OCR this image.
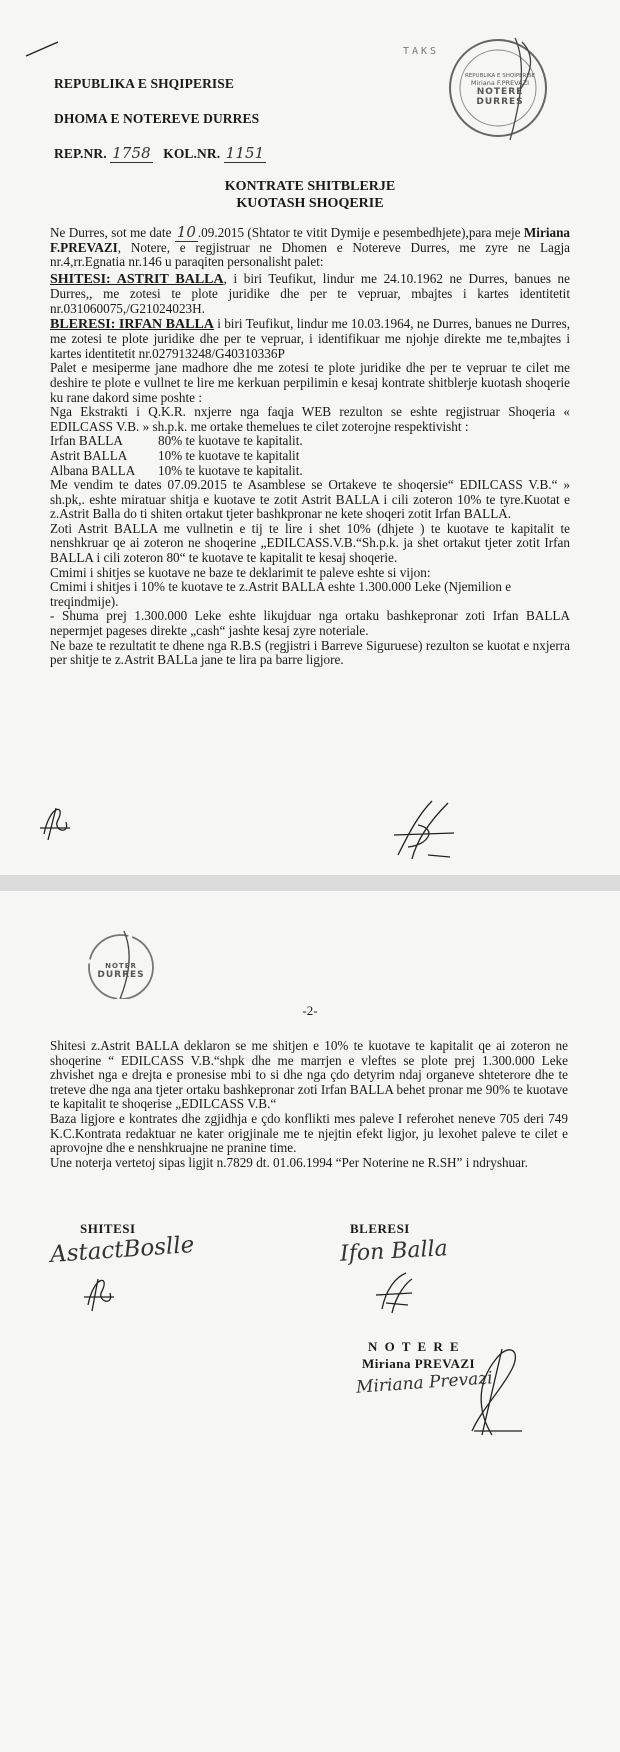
TAKS
REPUBLIKA E SHQIPERISE
Miriana F.PREVAZI
NOTERE
DURRES
REPUBLIKA E SHQIPERISE
DHOMA E NOTEREVE DURRES
REP.NR. 1758 KOL.NR. 1151
KONTRATE SHITBLERJE
KUOTASH SHOQERIE

Ne Durres, sot me date 10 .09.2015 (Shtator te vitit Dymije e pesembedhjete),para meje Miriana F.PREVAZI, Notere, e regjistruar ne Dhomen e Notereve Durres, me zyre ne Lagja nr.4,rr.Egnatia nr.146 u paraqiten personalisht palet:

SHITESI: ASTRIT BALLA, i biri Teufikut, lindur me 24.10.1962 ne Durres, banues ne Durres,, me zotesi te plote juridike dhe per te vepruar, mbajtes i kartes identitetit nr.031060075,/G21024023H.

BLERESI: IRFAN BALLA i biri Teufikut, lindur me 10.03.1964, ne Durres, banues ne Durres, me zotesi te plote juridike dhe per te vepruar, i identifikuar me njohje direkte me te,mbajtes i kartes identitetit nr.027913248/G40310336P

Palet e mesiperme jane madhore dhe me zotesi te plote juridike dhe per te vepruar te cilet me deshire te plote e vullnet te lire me kerkuan perpilimin e kesaj kontrate shitblerje kuotash shoqerie ku rane dakord sime poshte :

Nga Ekstrakti i Q.K.R. nxjerre nga faqja WEB rezulton se eshte regjistruar Shoqeria « EDILCASS V.B. » sh.p.k. me ortake themelues te cilet zoterojne respektivisht :

Irfan BALLA	80% te kuotave te kapitalit.
Astrit BALLA	10% te kuotave te kapitalit
Albana BALLA	10% te kuotave te kapitalit.

Me vendim te dates 07.09.2015 te Asamblese se Ortakeve te shoqersie“ EDILCASS V.B.“ » sh.pk,. eshte miratuar shitja e kuotave te zotit Astrit BALLA i cili zoteron 10% te tyre.Kuotat e z.Astrit Balla do ti shiten ortakut tjeter bashkpronar ne kete shoqeri zotit Irfan BALLA.

Zoti Astrit BALLA me vullnetin e tij te lire i shet 10% (dhjete ) te kuotave te kapitalit te nenshkruar qe ai zoteron ne shoqerine „EDILCASS.V.B.“Sh.p.k. ja shet ortakut tjeter zotit Irfan BALLA i cili zoteron 80“ te kuotave te kapitalit te kesaj shoqerie.

Cmimi i shitjes se kuotave ne baze te deklarimit te paleve eshte si vijon:

Cmimi i shitjes i 10% te kuotave te z.Astrit BALLA eshte 1.300.000 Leke (Njemilion e treqindmije).

- Shuma prej 1.300.000 Leke eshte likujduar nga ortaku bashkepronar zoti Irfan BALLA nepermjet pageses direkte „cash“ jashte kesaj zyre noteriale.

Ne baze te rezultatit te dhene nga R.B.S (regjistri i Barreve Siguruese) rezulton se kuotat e nxjerra per shitje te z.Astrit BALLa jane te lira pa barre ligjore.

NOTER
DURRES
-2-

Shitesi z.Astrit BALLA deklaron se me shitjen e 10% te kuotave te kapitalit qe ai zoteron ne shoqerine “ EDILCASS V.B.“shpk dhe me marrjen e vleftes se plote prej 1.300.000 Leke zhvishet nga e drejta e pronesise mbi to si dhe nga çdo detyrim ndaj organeve shteterore dhe te treteve dhe nga ana tjeter ortaku bashkepronar zoti Irfan BALLA behet pronar me 90% te kuotave te kapitalit te shoqerise „EDILCASS V.B.“

Baza ligjore e kontrates dhe zgjidhja e çdo konflikti mes paleve I referohet neneve 705 deri 749 K.C.Kontrata redaktuar ne kater origjinale me te njejtin efekt ligjor, ju lexohet paleve te cilet e aprovojne dhe e nenshkruajne ne pranine time.

Une noterja vertetoj sipas ligjit n.7829 dt. 01.06.1994 “Per Noterine ne R.SH” i ndryshuar.

SHITESI
AstactBoslle
BLERESI
Ifon Balla
N O T E R E
Miriana PREVAZI
Miriana Prevazi
